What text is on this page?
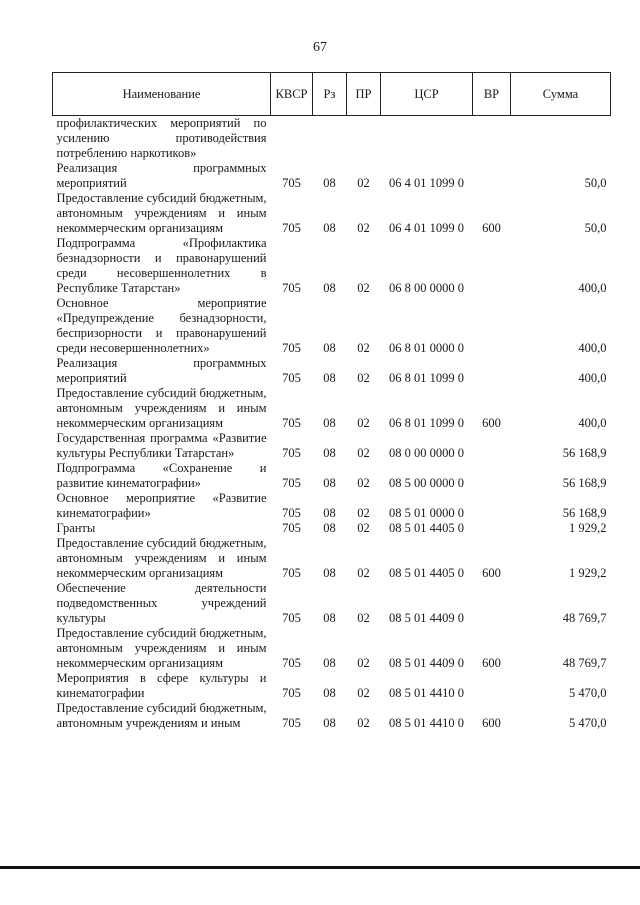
67
Наименование	КВСР	Рз	ПР	ЦСР	ВР	Сумма
профилактических мероприятий по усилению противодействия потреблению наркотиков»						
Реализация программных мероприятий	705	08	02	06 4 01 1099 0		50,0
Предоставление субсидий бюджетным, автономным учреждениям и иным некоммерческим организациям	705	08	02	06 4 01 1099 0	600	50,0
Подпрограмма «Профилактика безнадзорности и правонарушений среди несовершеннолетних в Республике Татарстан»	705	08	02	06 8 00 0000 0		400,0
Основное мероприятие «Предупреждение безнадзорности, беспризорности и правонарушений среди несовершеннолетних»	705	08	02	06 8 01 0000 0		400,0
Реализация программных мероприятий	705	08	02	06 8 01 1099 0		400,0
Предоставление субсидий бюджетным, автономным учреждениям и иным некоммерческим организациям	705	08	02	06 8 01 1099 0	600	400,0
Государственная программа «Развитие культуры Республики Татарстан»	705	08	02	08 0 00 0000 0		56 168,9
Подпрограмма «Сохранение и развитие кинематографии»	705	08	02	08 5 00 0000 0		56 168,9
Основное мероприятие «Развитие кинематографии»	705	08	02	08 5 01 0000 0		56 168,9
Гранты	705	08	02	08 5 01 4405 0		1 929,2
Предоставление субсидий бюджетным, автономным учреждениям и иным некоммерческим организациям	705	08	02	08 5 01 4405 0	600	1 929,2
Обеспечение деятельности подведомственных учреждений культуры	705	08	02	08 5 01 4409 0		48 769,7
Предоставление субсидий бюджетным, автономным учреждениям и иным некоммерческим организациям	705	08	02	08 5 01 4409 0	600	48 769,7
Мероприятия в сфере культуры и кинематографии	705	08	02	08 5 01 4410 0		5 470,0
Предоставление субсидий бюджетным, автономным учреждениям и иным	705	08	02	08 5 01 4410 0	600	5 470,0
